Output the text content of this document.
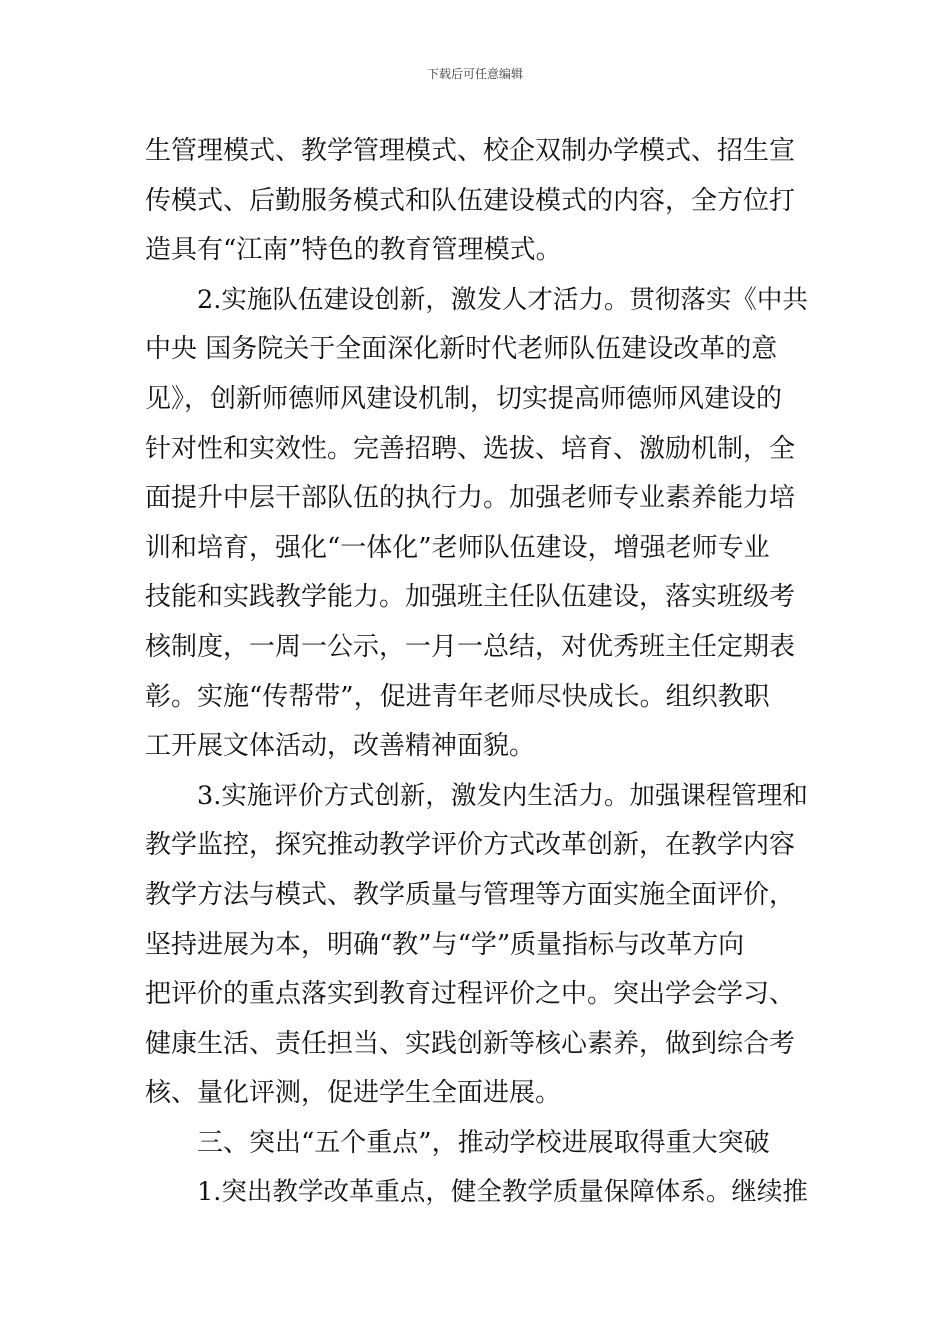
下载后可任意编辑
生管理模式、教学管理模式、校企双制办学模式、招生宣
传模式、后勤服务模式和队伍建设模式的内容，全方位打
造具有“江南”特色的教育管理模式。
2.实施队伍建设创新，激发人才活力。贯彻落实《中共
中央 国务院关于全面深化新时代老师队伍建设改革的意
见》，创新师德师风建设机制，切实提高师德师风建设的
针对性和实效性。完善招聘、选拔、培育、激励机制，全
面提升中层干部队伍的执行力。加强老师专业素养能力培
训和培育，强化“一体化”老师队伍建设，增强老师专业
技能和实践教学能力。加强班主任队伍建设，落实班级考
核制度，一周一公示，一月一总结，对优秀班主任定期表
彰。实施“传帮带”，促进青年老师尽快成长。组织教职
工开展文体活动，改善精神面貌。
3.实施评价方式创新，激发内生活力。加强课程管理和
教学监控，探究推动教学评价方式改革创新，在教学内容
教学方法与模式、教学质量与管理等方面实施全面评价，
坚持进展为本，明确“教”与“学”质量指标与改革方向
把评价的重点落实到教育过程评价之中。突出学会学习、
健康生活、责任担当、实践创新等核心素养，做到综合考
核、量化评测，促进学生全面进展。
三、突出“五个重点”，推动学校进展取得重大突破
1.突出教学改革重点，健全教学质量保障体系。继续推
